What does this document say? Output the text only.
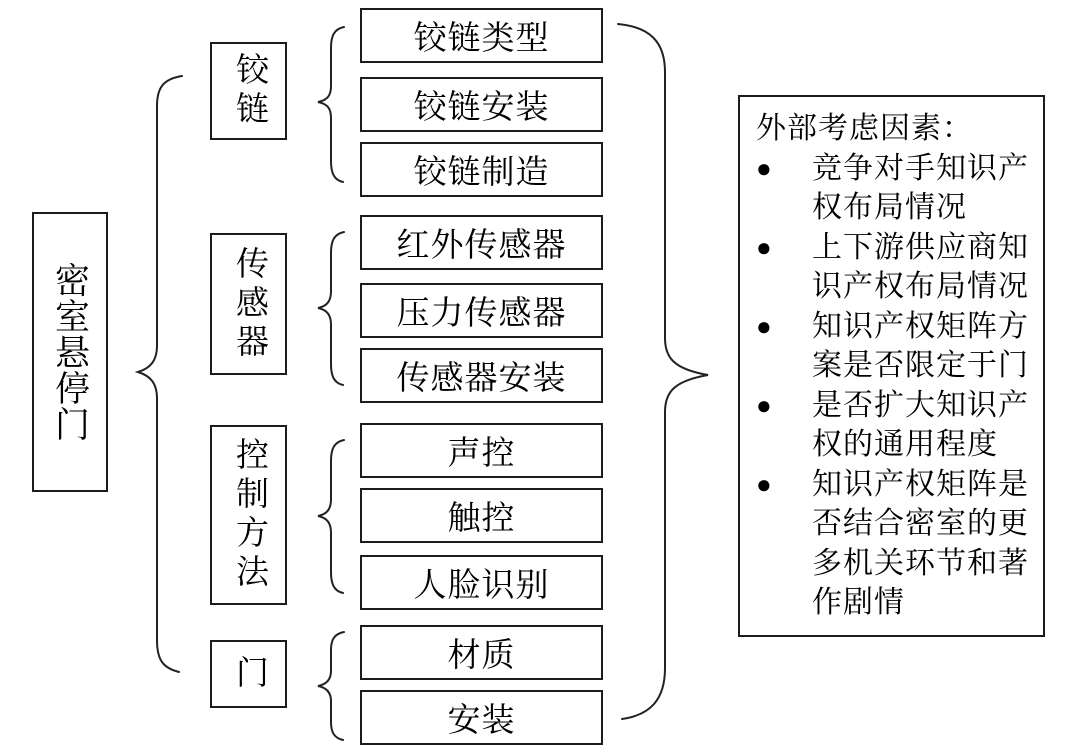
密室悬停门
铰链
传感器
控制方法
门
铰链类型
铰链安装
铰链制造
红外传感器
压力传感器
传感器安装
声控
触控
人脸识别
材质
安装
外部考虑因素：
● 竞争对手知识产权布局情况
● 上下游供应商知识产权布局情况
● 知识产权矩阵方案是否限定于门
● 是否扩大知识产权的通用程度
● 知识产权矩阵是否结合密室的更多机关环节和著作剧情
